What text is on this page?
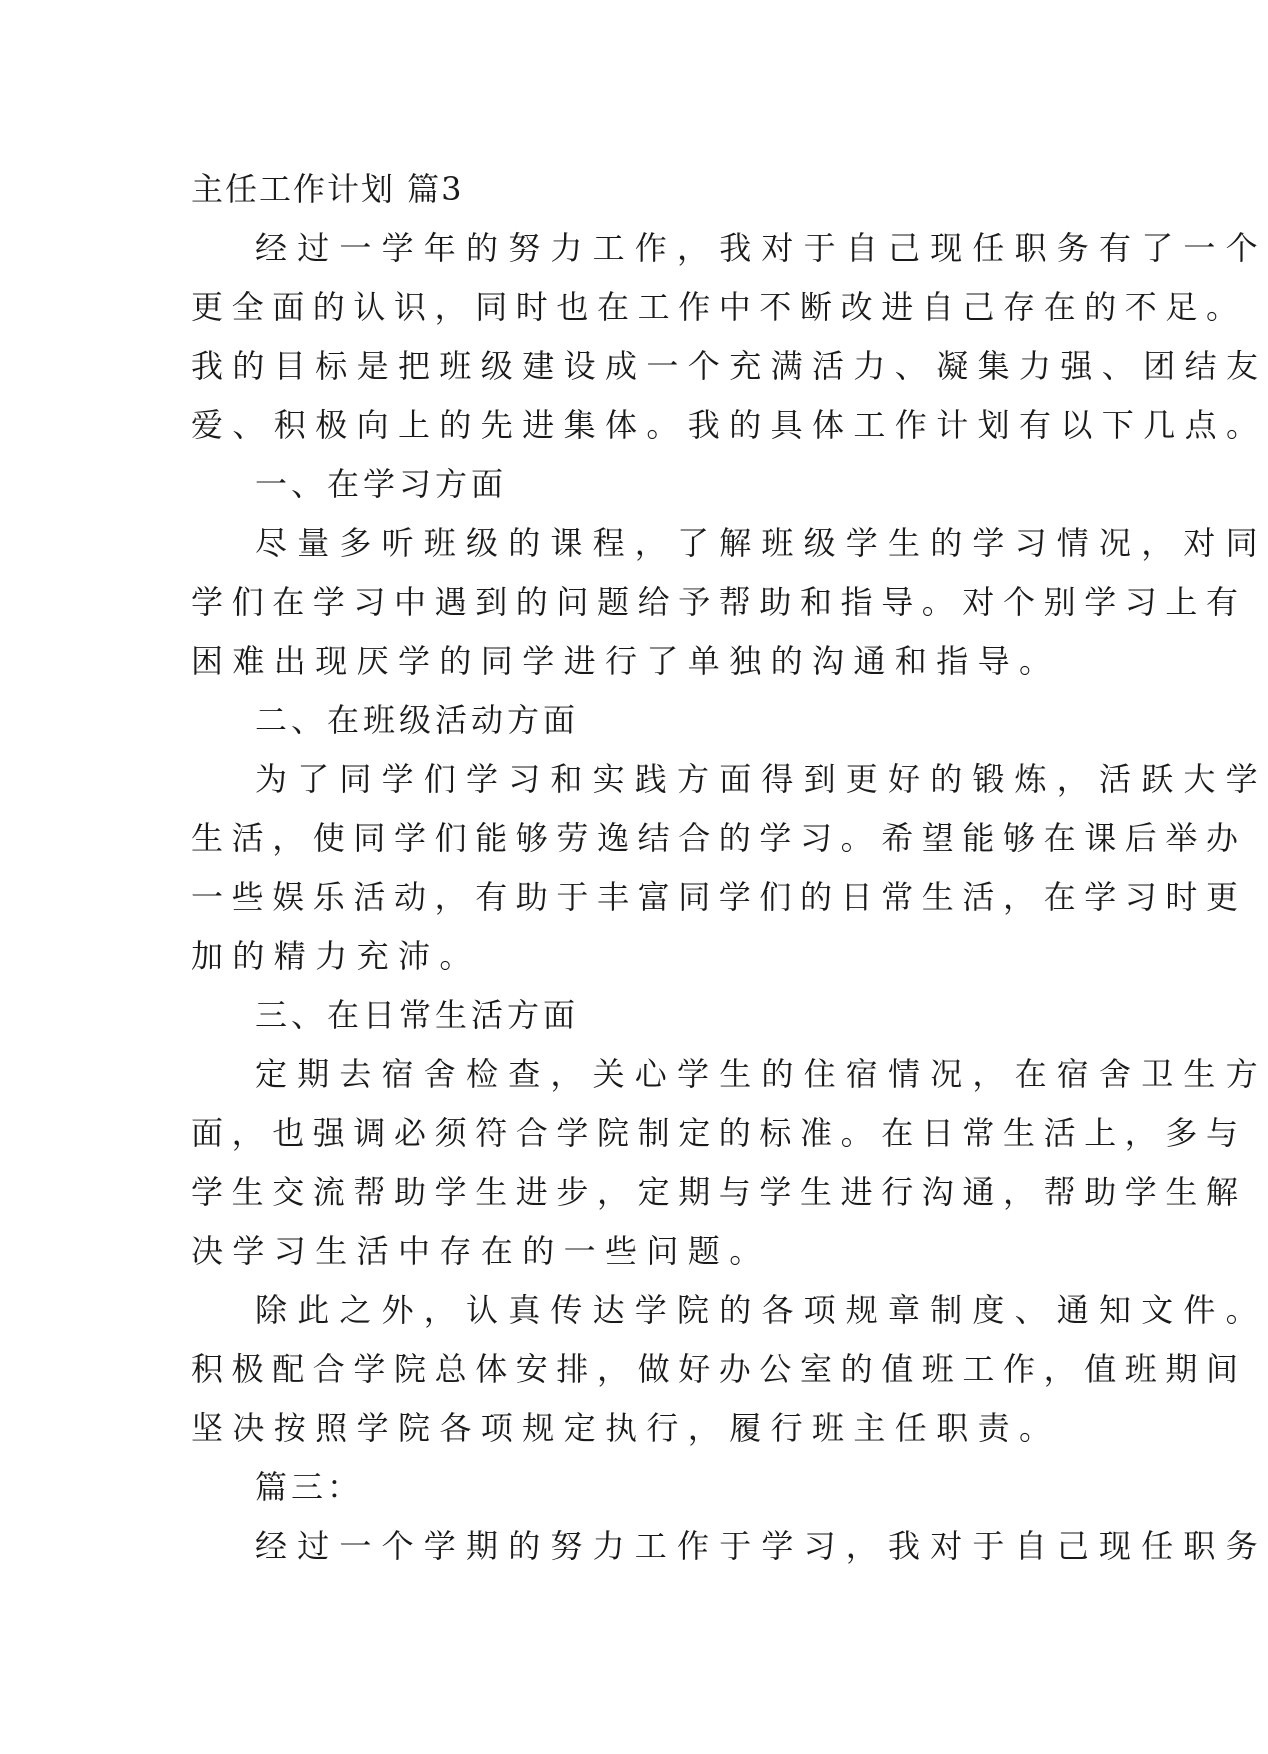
主任工作计划 篇3
经过一学年的努力工作，我对于自己现任职务有了一个
更全面的认识，同时也在工作中不断改进自己存在的不足。
我的目标是把班级建设成一个充满活力、凝集力强、团结友
爱、积极向上的先进集体。我的具体工作计划有以下几点。
一、在学习方面
尽量多听班级的课程，了解班级学生的学习情况，对同
学们在学习中遇到的问题给予帮助和指导。对个别学习上有
困难出现厌学的同学进行了单独的沟通和指导。
二、在班级活动方面
为了同学们学习和实践方面得到更好的锻炼，活跃大学
生活，使同学们能够劳逸结合的学习。希望能够在课后举办
一些娱乐活动，有助于丰富同学们的日常生活，在学习时更
加的精力充沛。
三、在日常生活方面
定期去宿舍检查，关心学生的住宿情况，在宿舍卫生方
面，也强调必须符合学院制定的标准。在日常生活上，多与
学生交流帮助学生进步，定期与学生进行沟通，帮助学生解
决学习生活中存在的一些问题。
除此之外，认真传达学院的各项规章制度、通知文件。
积极配合学院总体安排，做好办公室的值班工作，值班期间
坚决按照学院各项规定执行，履行班主任职责。
篇三：
经过一个学期的努力工作于学习，我对于自己现任职务
